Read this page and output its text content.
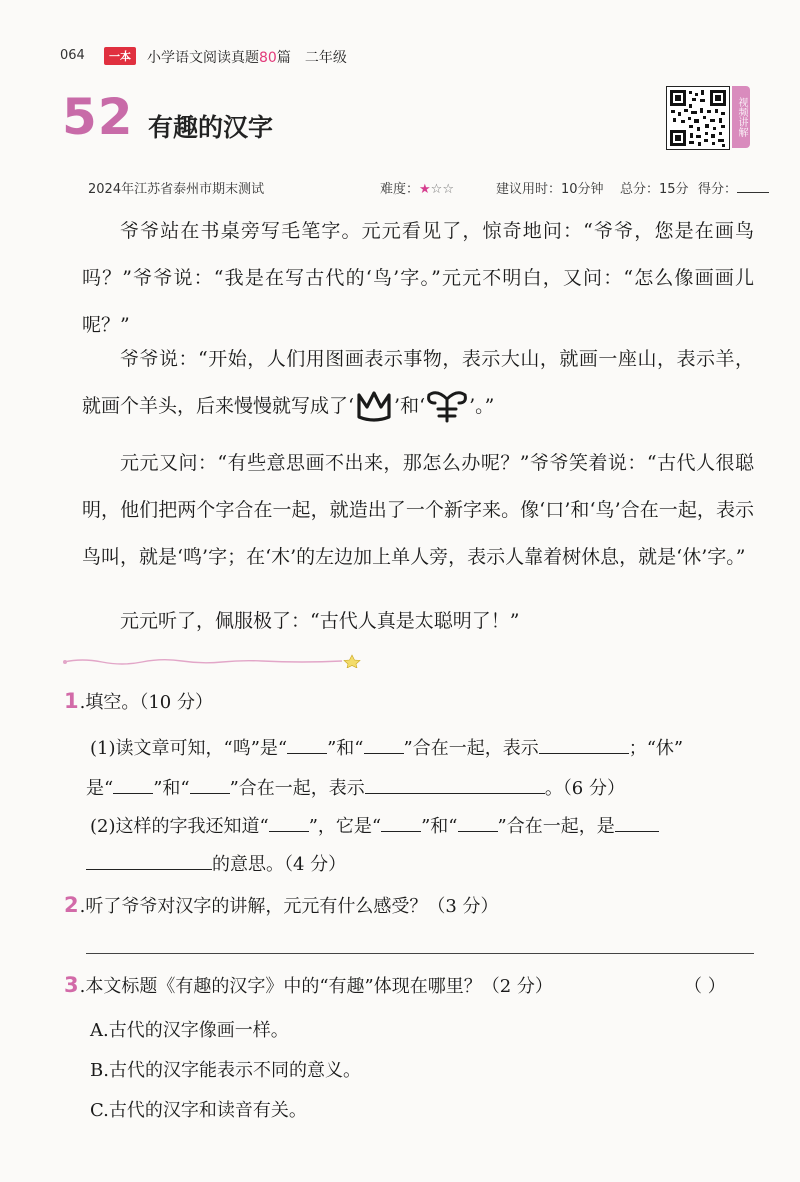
064	一本	小学语文阅读真题80篇 二年级
52 有趣的汉字	视频讲解
2024年江苏省泰州市期末测试	难度：★☆☆	建议用时：10分钟 总分：15分 得分：
爷爷站在书桌旁写毛笔字。元元看见了，惊奇地问：“爷爷，您是在画鸟吗？”爷爷说：“我是在写古代的‘鸟’字。”元元不明白，又问：“怎么像画画儿呢？”
爷爷说：“开始，人们用图画表示事物，表示大山，就画一座山，表示羊，就画个羊头，后来慢慢就写成了‘ ’和‘ ’。”
元元又问：“有些意思画不出来，那怎么办呢？”爷爷笑着说：“古代人很聪明，他们把两个字合在一起，就造出了一个新字来。像‘口’和‘鸟’合在一起，表示鸟叫，就是‘鸣’字；在‘木’的左边加上单人旁，表示人靠着树休息，就是‘休’字。”
元元听了，佩服极了：“古代人真是太聪明了！”
1.填空。（10 分）
(1)读文章可知，“鸣”是“ ”和“ ”合在一起，表示	；“休”
是“ ”和“ ”合在一起，表示	。（6 分）
(2)这样的字我还知道“ ”，它是“ ”和“ ”合在一起，是
的意思。（4 分）
2.听了爷爷对汉字的讲解，元元有什么感受？（3 分）
3.本文标题《有趣的汉字》中的“有趣”体现在哪里？（2 分）	（ ）
A.古代的汉字像画一样。
B.古代的汉字能表示不同的意义。
C.古代的汉字和读音有关。
